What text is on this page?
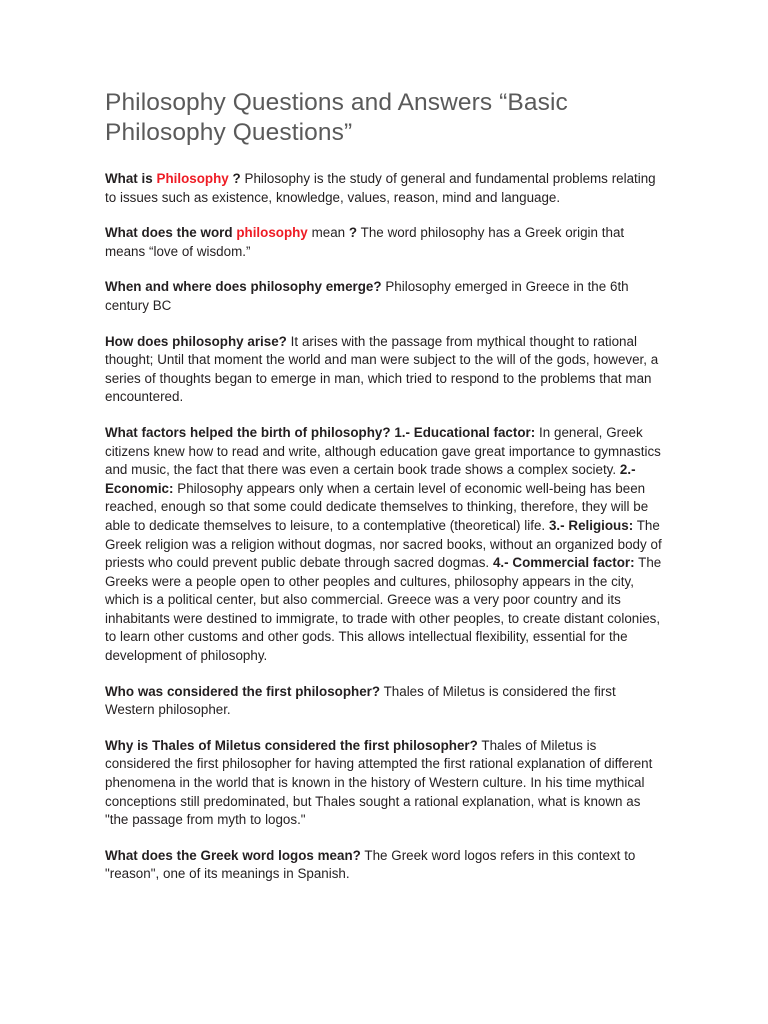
Philosophy Questions and Answers “Basic Philosophy Questions”

What is Philosophy ? Philosophy is the study of general and fundamental problems relating to issues such as existence, knowledge, values, reason, mind and language.

What does the word philosophy mean ? The word philosophy has a Greek origin that means “love of wisdom.”

When and where does philosophy emerge? Philosophy emerged in Greece in the 6th century BC

How does philosophy arise? It arises with the passage from mythical thought to rational thought; Until that moment the world and man were subject to the will of the gods, however, a series of thoughts began to emerge in man, which tried to respond to the problems that man encountered.

What factors helped the birth of philosophy? 1.- Educational factor: In general, Greek citizens knew how to read and write, although education gave great importance to gymnastics and music, the fact that there was even a certain book trade shows a complex society. 2.- Economic: Philosophy appears only when a certain level of economic well-being has been reached, enough so that some could dedicate themselves to thinking, therefore, they will be able to dedicate themselves to leisure, to a contemplative (theoretical) life. 3.- Religious: The Greek religion was a religion without dogmas, nor sacred books, without an organized body of priests who could prevent public debate through sacred dogmas. 4.- Commercial factor: The Greeks were a people open to other peoples and cultures, philosophy appears in the city, which is a political center, but also commercial. Greece was a very poor country and its inhabitants were destined to immigrate, to trade with other peoples, to create distant colonies, to learn other customs and other gods. This allows intellectual flexibility, essential for the development of philosophy.

Who was considered the first philosopher? Thales of Miletus is considered the first Western philosopher.

Why is Thales of Miletus considered the first philosopher? Thales of Miletus is considered the first philosopher for having attempted the first rational explanation of different phenomena in the world that is known in the history of Western culture. In his time mythical conceptions still predominated, but Thales sought a rational explanation, what is known as "the passage from myth to logos."

What does the Greek word logos mean? The Greek word logos refers in this context to "reason", one of its meanings in Spanish.
